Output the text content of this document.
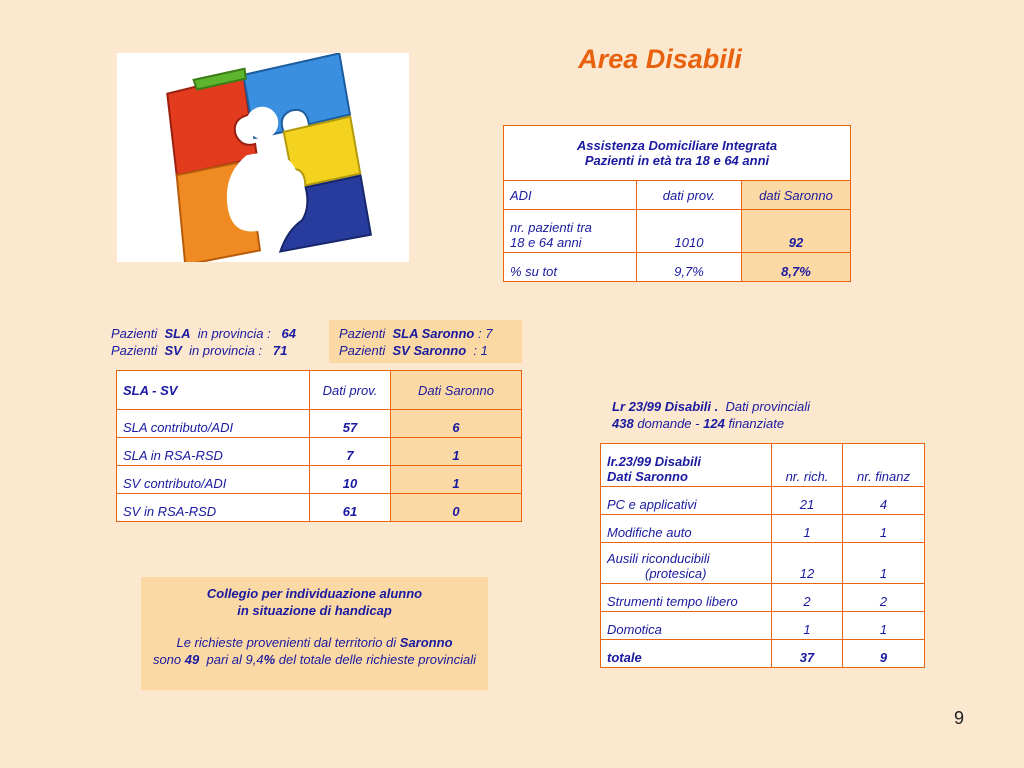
Area Disabili
Assistenza Domiciliare Integrata
Pazienti in età tra 18 e 64 anni		

ADI	dati prov.	dati Saronno

nr. pazienti tra
18 e 64 anni	1010	92
% su tot	9,7%	8,7%
Pazienti SLA in provincia : 64
Pazienti SV in provincia : 71
Pazienti SLA Saronno : 7
Pazienti SV Saronno : 1
SLA - SV	Dati prov.	Dati Saronno
SLA contributo/ADI	57	6
SLA in RSA-RSD	7	1
SV contributo/ADI	10	1
SV in RSA-RSD	61	0
Lr 23/99 Disabili . Dati provinciali
438 domande - 124 finanziate
lr.23/99 Disabili
Dati Saronno	nr. rich.	nr. finanz
PC e applicativi	21	4
Modifiche auto	1	1

Ausili riconducibili
(protesica)	12	1
Strumenti tempo libero	2	2
Domotica	1	1
totale	37	9
Collegio per individuazione alunno
in situazione di handicap
Le richieste provenienti dal territorio di Saronno
sono 49 pari al 9,4% del totale delle richieste provinciali
9
